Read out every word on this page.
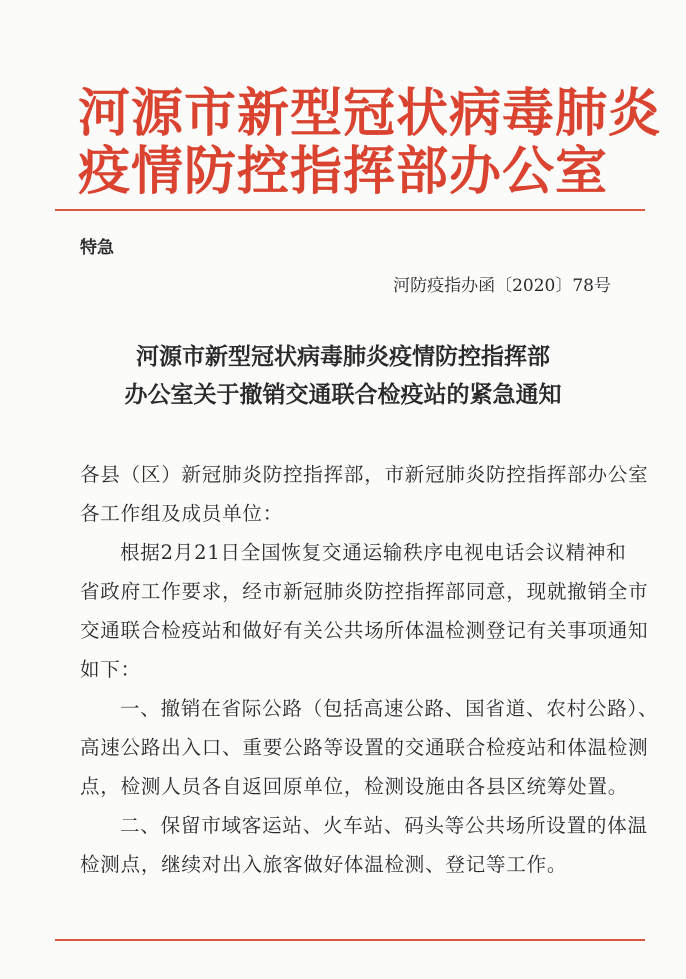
河源市新型冠状病毒肺炎
疫情防控指挥部办公室
特急
河防疫指办函〔2020〕78号
河源市新型冠状病毒肺炎疫情防控指挥部
办公室关于撤销交通联合检疫站的紧急通知
各县（区）新冠肺炎防控指挥部，市新冠肺炎防控指挥部办公室
各工作组及成员单位：
根据2月21日全国恢复交通运输秩序电视电话会议精神和
省政府工作要求，经市新冠肺炎防控指挥部同意，现就撤销全市
交通联合检疫站和做好有关公共场所体温检测登记有关事项通知
如下：
一、撤销在省际公路（包括高速公路、国省道、农村公路）、
高速公路出入口、重要公路等设置的交通联合检疫站和体温检测
点，检测人员各自返回原单位，检测设施由各县区统筹处置。
二、保留市域客运站、火车站、码头等公共场所设置的体温
检测点，继续对出入旅客做好体温检测、登记等工作。
